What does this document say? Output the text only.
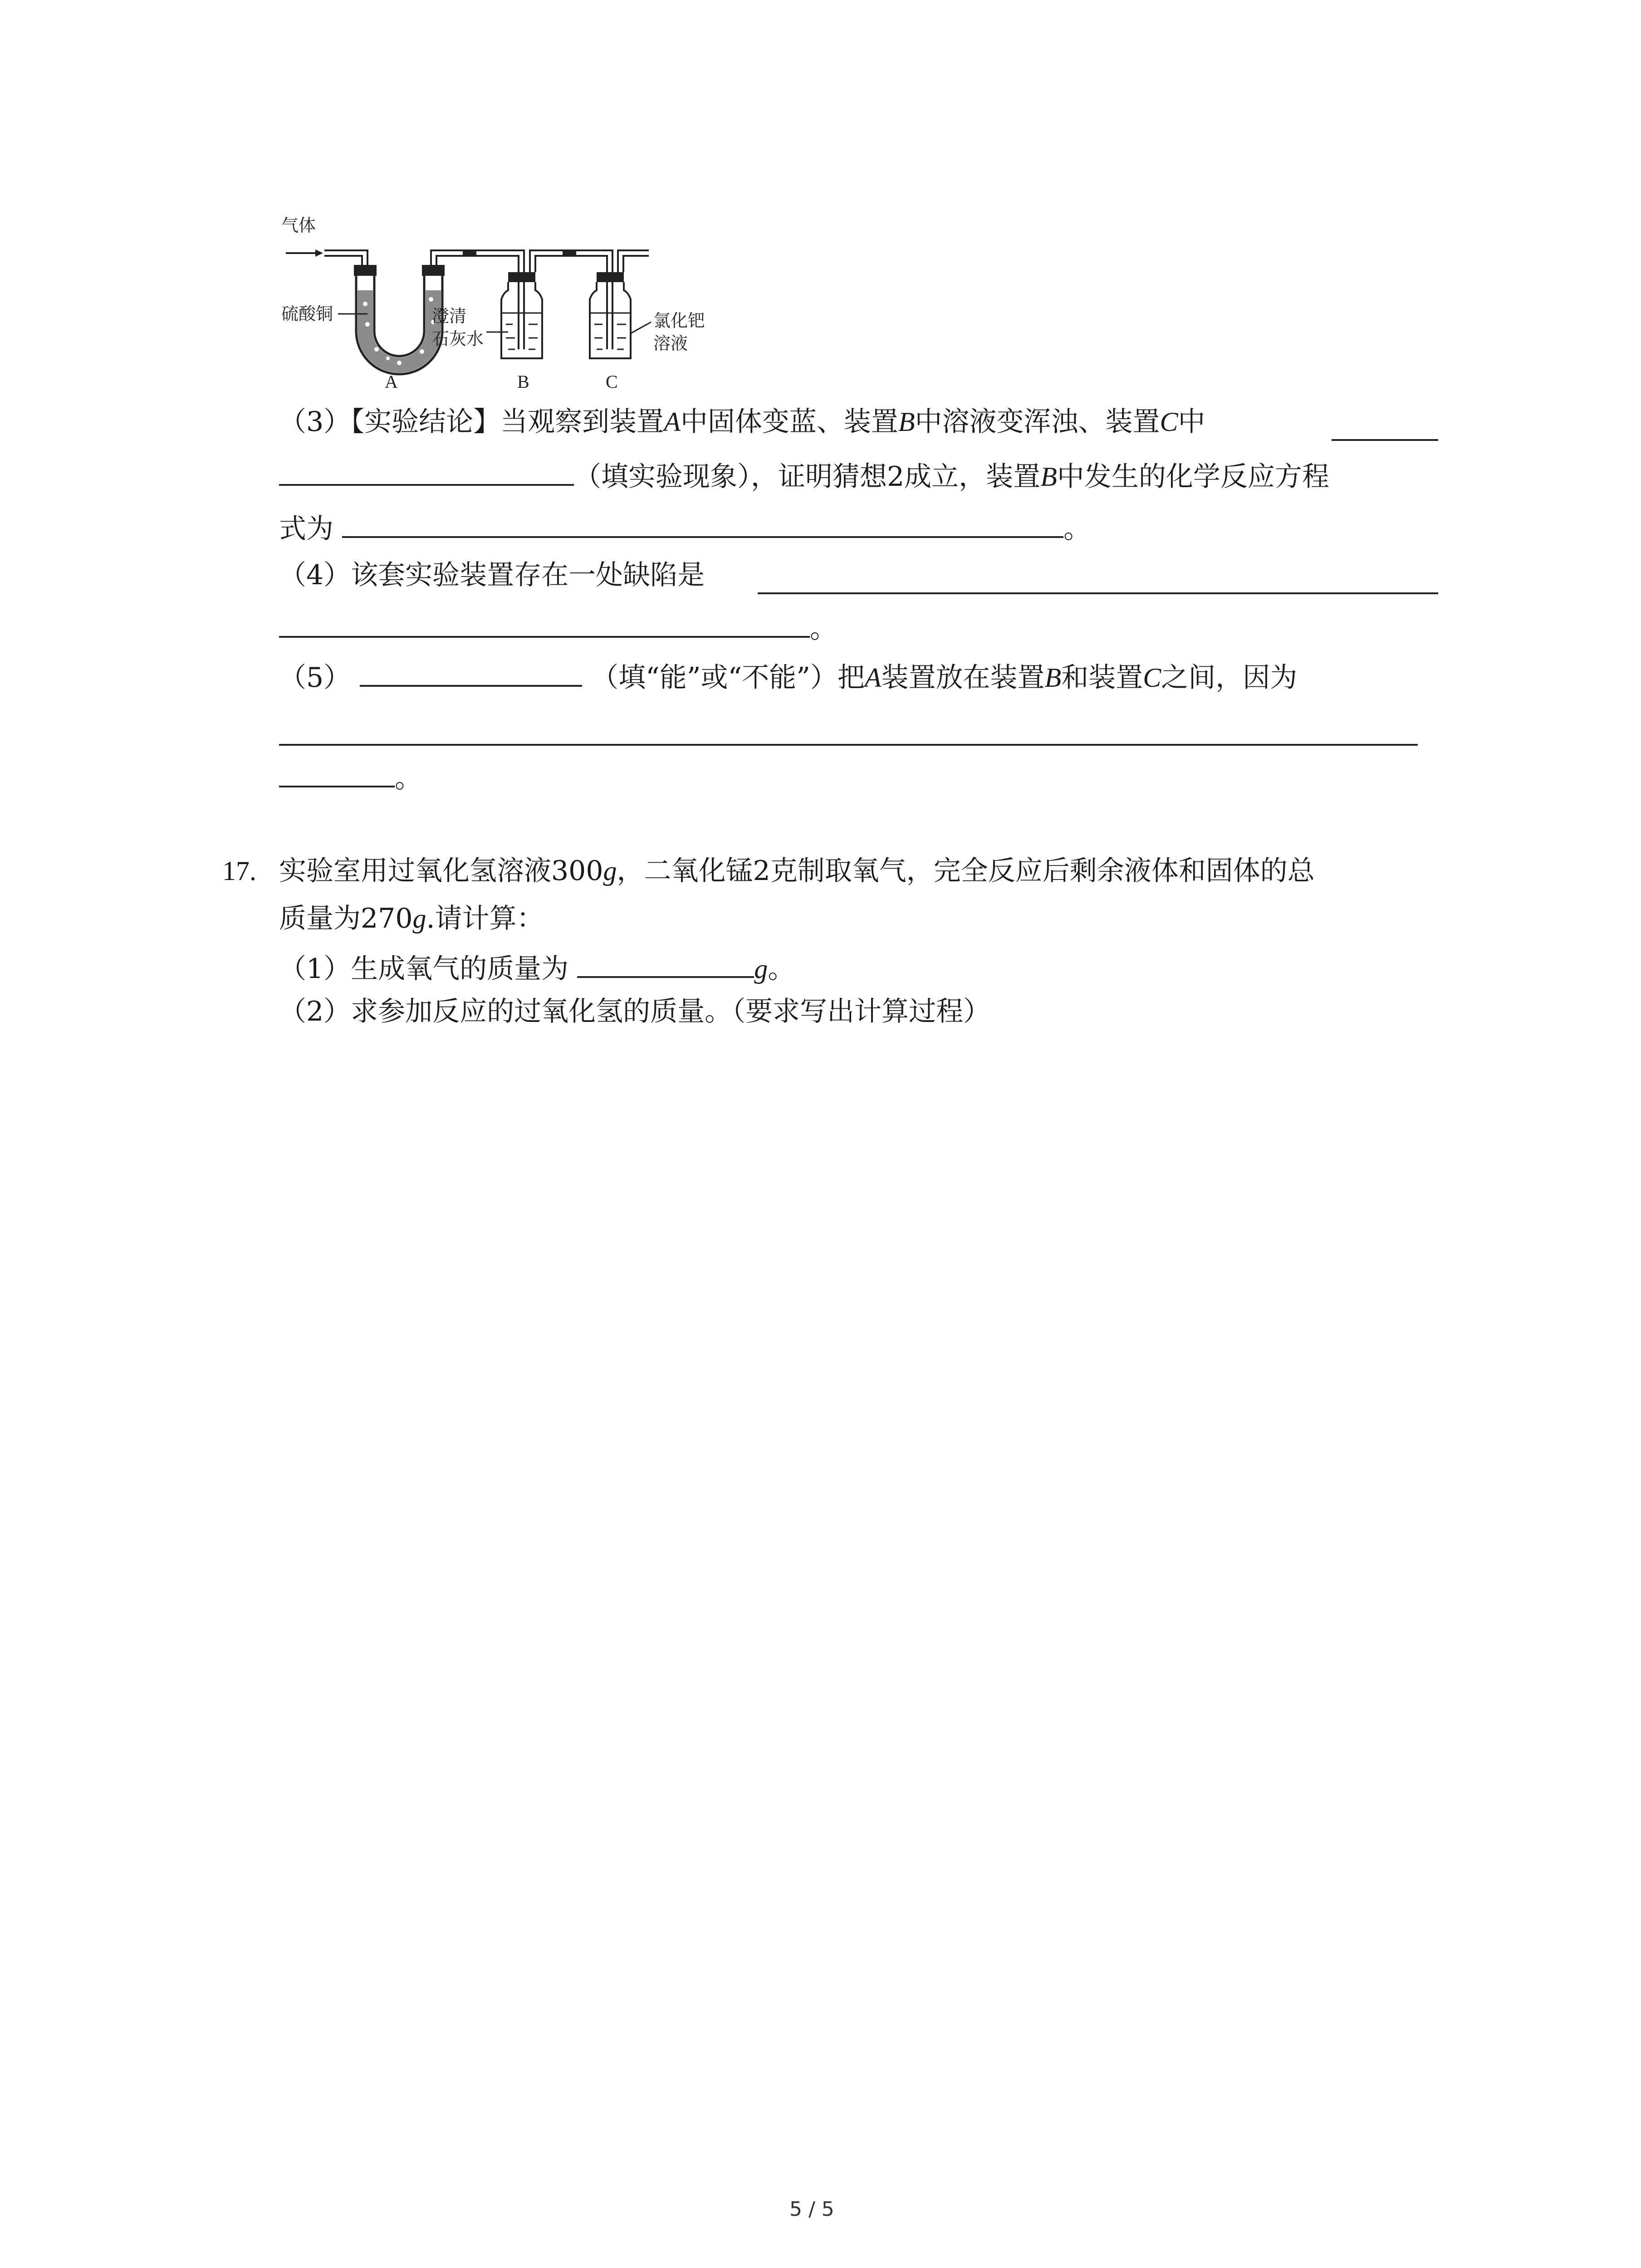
气体
硫酸铜	澄清
石灰水
氯化钯
溶液
A	B	C
（3）【实验结论】当观察到装置A中固体变蓝、装置B中溶液变浑浊、装置C中
（填实验现象），证明猜想2成立，装置B中发生的化学反应方程
式为	。
（4）该套实验装置存在一处缺陷是
。
（5）	（填“能”或“不能”）把A装置放在装置B和装置C之间，因为
。
17. 实验室用过氧化氢溶液300g，二氧化锰2克制取氧气，完全反应后剩余液体和固体的总
质量为270g.请计算：
（1）生成氧气的质量为	g。
（2）求参加反应的过氧化氢的质量。（要求写出计算过程）
5 / 5
